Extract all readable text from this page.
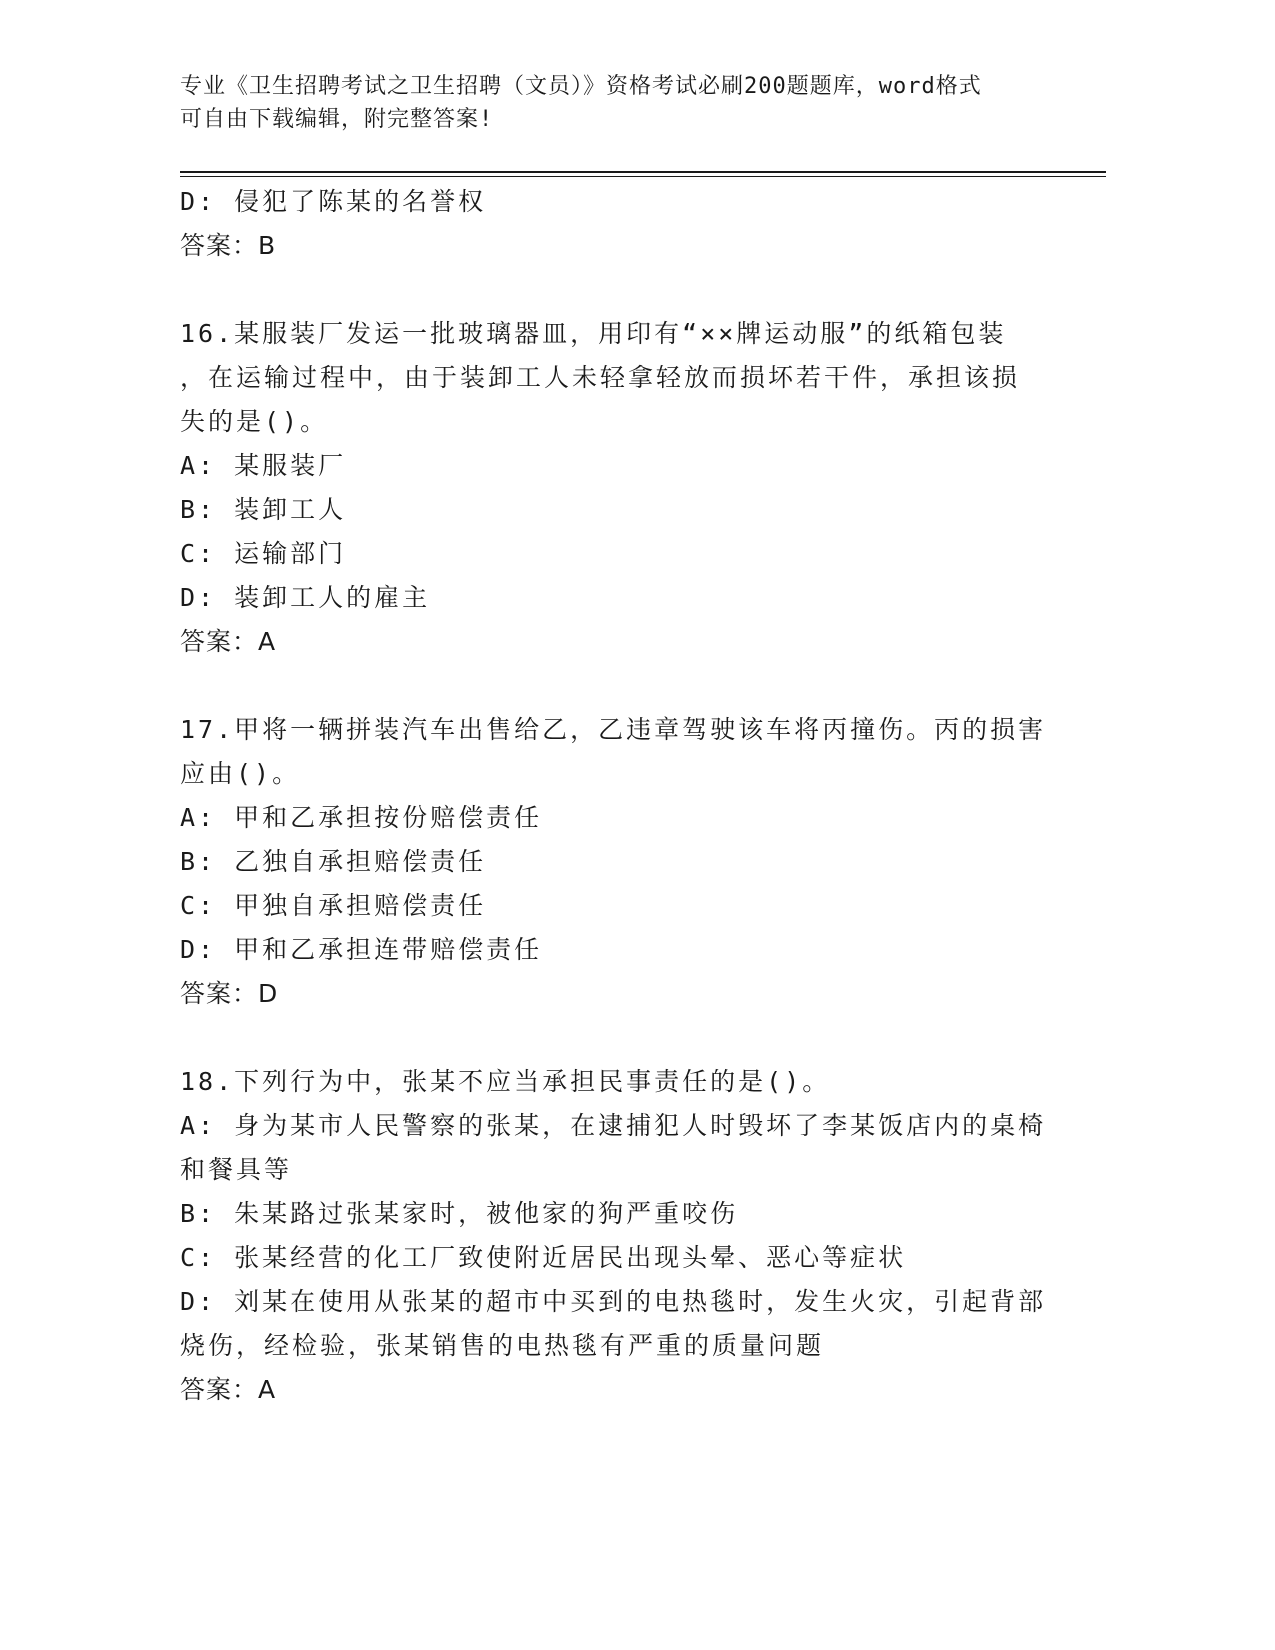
专业《卫生招聘考试之卫生招聘（文员）》资格考试必刷200题题库，word格式

可自由下载编辑，附完整答案!

D: 侵犯了陈某的名誉权

答案：B

16.某服装厂发运一批玻璃器皿，用印有“××牌运动服”的纸箱包装

，在运输过程中，由于装卸工人未轻拿轻放而损坏若干件，承担该损

失的是()。

A: 某服装厂

B: 装卸工人

C: 运输部门

D: 装卸工人的雇主

答案：A

17.甲将一辆拼装汽车出售给乙，乙违章驾驶该车将丙撞伤。丙的损害

应由()。

A: 甲和乙承担按份赔偿责任

B: 乙独自承担赔偿责任

C: 甲独自承担赔偿责任

D: 甲和乙承担连带赔偿责任

答案：D

18.下列行为中，张某不应当承担民事责任的是()。

A: 身为某市人民警察的张某，在逮捕犯人时毁坏了李某饭店内的桌椅

和餐具等

B: 朱某路过张某家时，被他家的狗严重咬伤

C: 张某经营的化工厂致使附近居民出现头晕、恶心等症状

D: 刘某在使用从张某的超市中买到的电热毯时，发生火灾，引起背部

烧伤，经检验，张某销售的电热毯有严重的质量问题

答案：A
